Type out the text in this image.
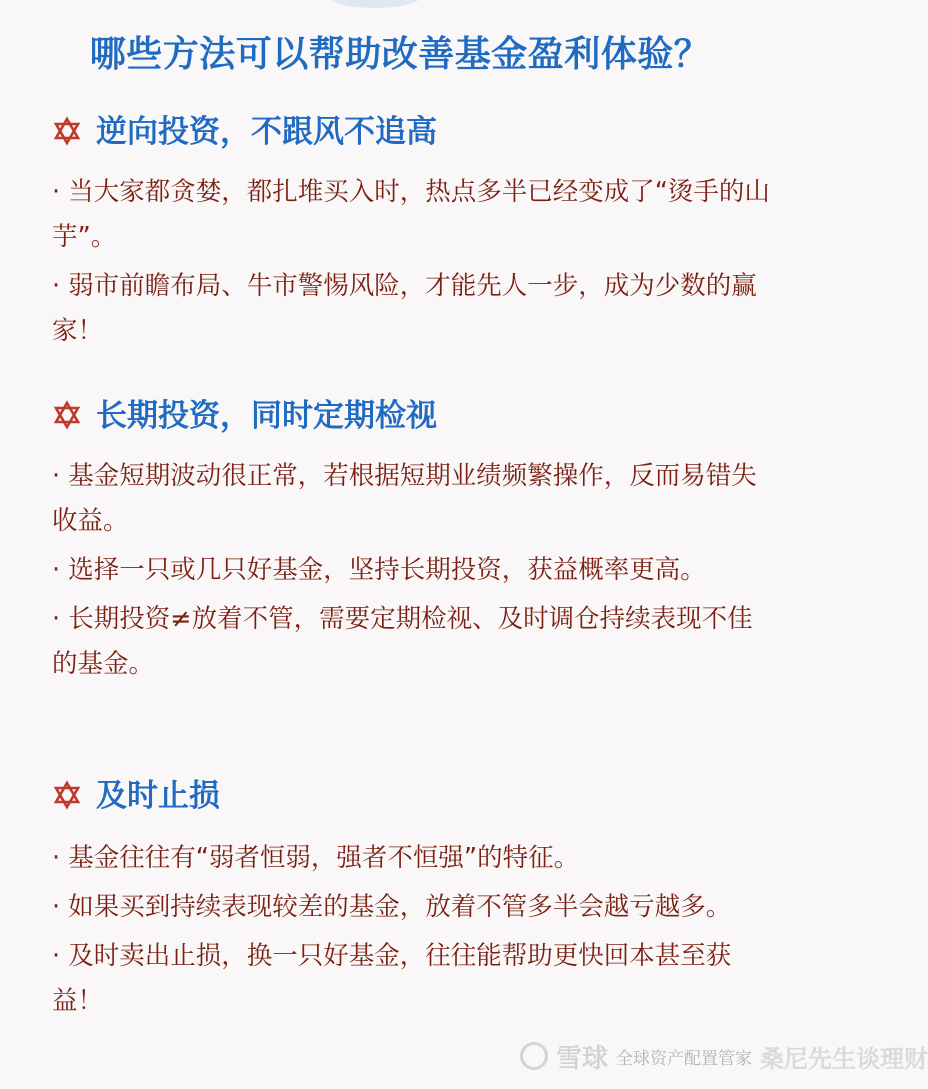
哪些方法可以帮助改善基金盈利体验？
逆向投资，不跟风不追高
· 当大家都贪婪，都扎堆买入时，热点多半已经变成了“烫手的山芋”。
· 弱市前瞻布局、牛市警惕风险，才能先人一步，成为少数的赢家！
长期投资，同时定期检视
· 基金短期波动很正常，若根据短期业绩频繁操作，反而易错失收益。
· 选择一只或几只好基金，坚持长期投资，获益概率更高。
· 长期投资≠放着不管，需要定期检视、及时调仓持续表现不佳的基金。
及时止损
· 基金往往有“弱者恒弱，强者不恒强”的特征。
· 如果买到持续表现较差的基金，放着不管多半会越亏越多。
· 及时卖出止损，换一只好基金，往往能帮助更快回本甚至获益！
雪球 全球资产配置管家 桑尼先生谈理财
